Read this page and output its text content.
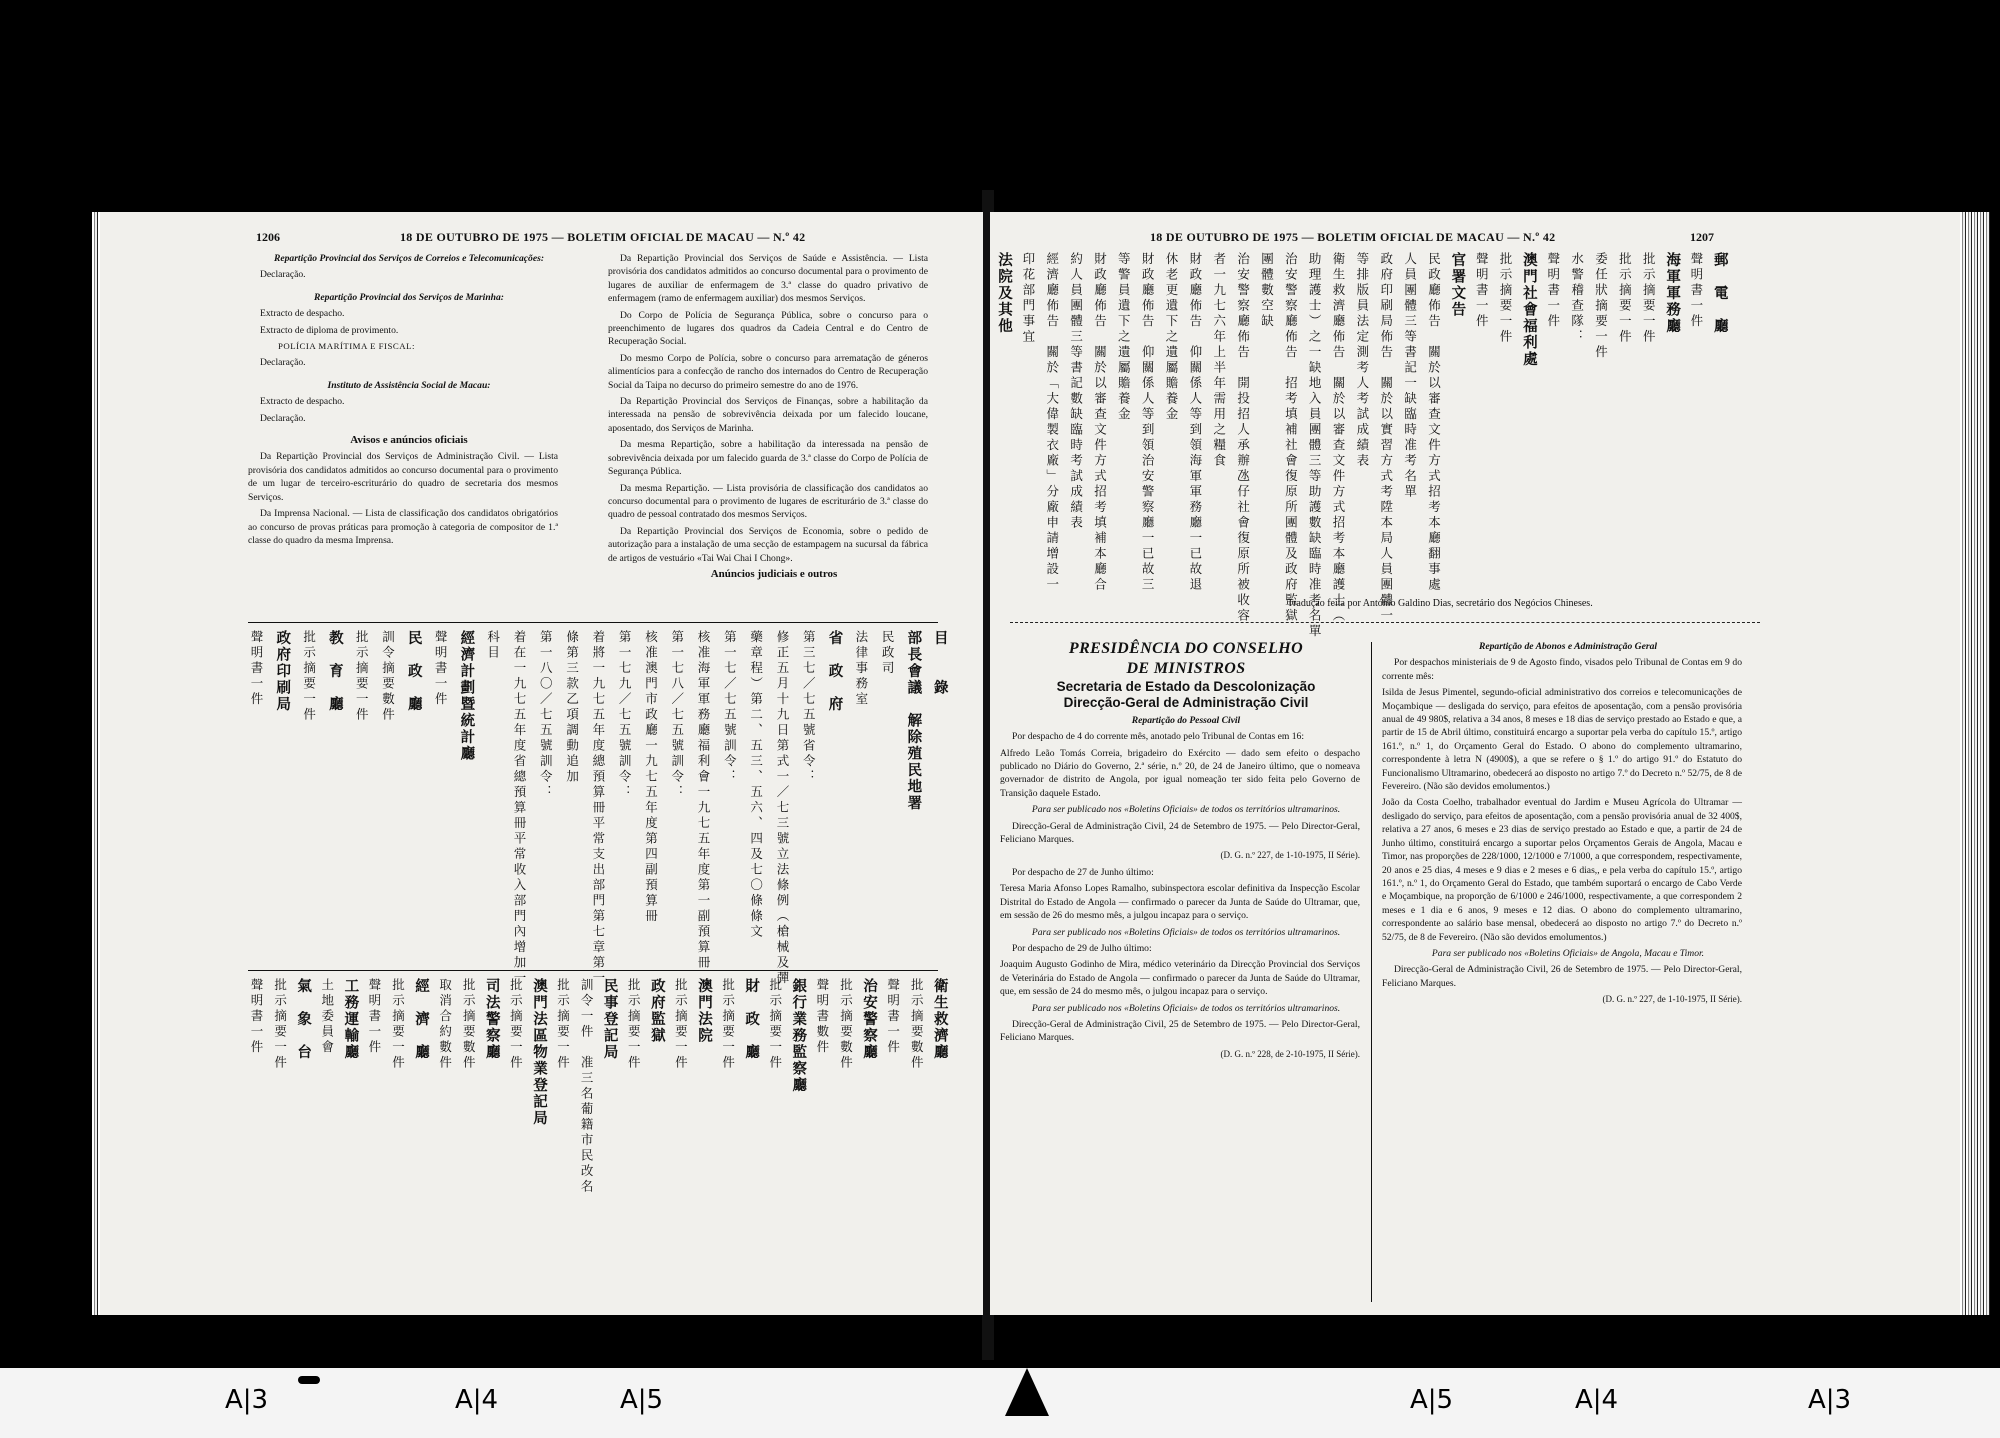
1206	18 DE OUTUBRO DE 1975 — BOLETIM OFICIAL DE MACAU — N.º 42

Repartição Provincial dos Serviços de Correios e Telecomunicações:

Declaração.

Repartição Provincial dos Serviços de Marinha:

Extracto de despacho.

Extracto de diploma de provimento.

POLÍCIA MARÍTIMA E FISCAL:

Declaração.

Instituto de Assistência Social de Macau:

Extracto de despacho.

Declaração.

Avisos e anúncios oficiais

Da Repartição Provincial dos Serviços de Administração Civil. — Lista provisória dos candidatos admitidos ao concurso documental para o provimento de um lugar de terceiro-escriturário do quadro de secretaria dos mesmos Serviços.

Da Imprensa Nacional. — Lista de classificação dos candidatos obrigatórios ao concurso de provas práticas para promoção à categoria de compositor de 1.ª classe do quadro da mesma Imprensa.

Da Repartição Provincial dos Serviços de Saúde e Assistência. — Lista provisória dos candidatos admitidos ao concurso documental para o provimento de lugares de auxiliar de enfermagem de 3.ª classe do quadro privativo de enfermagem (ramo de enfermagem auxiliar) dos mesmos Serviços.

Do Corpo de Polícia de Segurança Pública, sobre o concurso para o preenchimento de lugares dos quadros da Cadeia Central e do Centro de Recuperação Social.

Do mesmo Corpo de Polícia, sobre o concurso para arrematação de géneros alimentícios para a confecção de rancho dos internados do Centro de Recuperação Social da Taipa no decurso do primeiro semestre do ano de 1976.

Da Repartição Provincial dos Serviços de Finanças, sobre a habilitação da interessada na pensão de sobrevivência deixada por um falecido loucane, aposentado, dos Serviços de Marinha.

Da mesma Repartição, sobre a habilitação da interessada na pensão de sobrevivência deixada por um falecido guarda de 3.ª classe do Corpo de Polícia de Segurança Pública.

Da mesma Repartição. — Lista provisória de classificação dos candidatos ao concurso documental para o provimento de lugares de escriturário de 3.ª classe do quadro de pessoal contratado dos mesmos Serviços.

Da Repartição Provincial dos Serviços de Economia, sobre o pedido de autorização para a instalação de uma secção de estampagem na sucursal da fábrica de artigos de vestuário «Tai Wai Chai I Chong».

Anúncios judiciais e outros

目　　錄
部長會議　解除殖民地署
民政司
法律事務室
省　政　府
第三七／七五號省令：
修正五月十九日第式一／七三號立法條例（槍械及彈
藥章程）第二、五三、五六、四及七〇條條文
第一七／七五號訓令：
核准海軍軍務廳福利會一九七五年度第一副預算冊
第一七八／七五號訓令：
核准澳門市政廳一九七五年度第四副預算冊
第一七九／七五號訓令：
着將一九七五年度總預算冊平常支出部門第七章第一
條第三款乙項調動追加
第一八〇／七五號訓令：
着在一九七五年度省總預算冊平常收入部門內增加一
科目
經濟計劃暨統計廳
聲明書一件
民　政　廳
訓令摘要數件
批示摘要一件
教　育　廳
批示摘要一件
政府印刷局
聲明書一件
衛生救濟廳
批示摘要數件
聲明書一件
治安警察廳
批示摘要數件
聲明書數件
銀行業務監察廳
批示摘要一件
財　政　廳
批示摘要一件
澳門法院
批示摘要一件
政府監獄
批示摘要一件
民事登記局
訓令一件　准三名葡籍市民改名
批示摘要一件
澳門法區物業登記局
批示摘要一件
司法警察廳
批示摘要數件
取消合約數件
經　濟　廳
批示摘要一件
聲明書一件
工務運輸廳
土地委員會
氣　象　台
批示摘要一件
聲明書一件
18 DE OUTUBRO DE 1975 — BOLETIM OFICIAL DE MACAU — N.º 42	1207
郵　電　廳
聲明書一件
海軍軍務廳
批示摘要一件
批示摘要一件
委任狀摘要一件
水警稽查隊：
聲明書一件
澳門社會福利處
批示摘要一件
聲明書一件
官署文告
民政廳佈告　關於以審查文件方式招考本廳翻事處
人員團體三等書記一缺臨時准考名單
政府印刷局佈告　關於以實習方式考陞本局人員團體一
等排版員法定測考人考試成績表
衛生救濟廳佈告　關於以審查文件方式招考本廳護士（
助理護士）之一缺地入員團體三等助護數缺臨時准考名單
治安警察廳佈告　招考填補社會復原所團體及政府監獄
團體數空缺
治安警察廳佈告　開投招人承辦氹仔社會復原所被收容
者一九七六年上半年需用之糧食
財政廳佈告　仰關係人等到領海軍軍務廳一已故退
休老更遺下之遺屬贍養金
財政廳佈告　仰關係人等到領治安警察廳一已故三
等警員遺下之遺屬贍養金
財政廳佈告　關於以審查文件方式招考填補本廳合
約人員團體三等書記數缺臨時考試成績表
經濟廳佈告　關於「大偉製衣廠」分廠申請增設一
印花部門事宜
法院及其他

Tradução feita por António Galdino Dias, secretário dos Negócios Chineses.

PRESIDÊNCIA DO CONSELHO

DE MINISTROS

Secretaria de Estado da Descolonização

Direcção-Geral de Administração Civil

Repartição do Pessoal Civil

Por despacho de 4 do corrente mês, anotado pelo Tribunal de Contas em 16:

Alfredo Leão Tomás Correia, brigadeiro do Exército — dado sem efeito o despacho publicado no Diário do Governo, 2.ª série, n.º 20, de 24 de Janeiro último, que o nomeava governador de distrito de Angola, por igual nomeação ter sido feita pelo Governo de Transição daquele Estado.

Para ser publicado nos «Boletins Oficiais» de todos os territórios ultramarinos.

Direcção-Geral de Administração Civil, 24 de Setembro de 1975. — Pelo Director-Geral, Feliciano Marques.

(D. G. n.º 227, de 1-10-1975, II Série).

Por despacho de 27 de Junho último:

Teresa Maria Afonso Lopes Ramalho, subinspectora escolar definitiva da Inspecção Escolar Distrital do Estado de Angola — confirmado o parecer da Junta de Saúde do Ultramar, que, em sessão de 26 do mesmo mês, a julgou incapaz para o serviço.

Para ser publicado nos «Boletins Oficiais» de todos os territórios ultramarinos.

Por despacho de 29 de Julho último:

Joaquim Augusto Godinho de Mira, médico veterinário da Direcção Provincial dos Serviços de Veterinária do Estado de Angola — confirmado o parecer da Junta de Saúde do Ultramar, que, em sessão de 24 do mesmo mês, o julgou incapaz para o serviço.

Para ser publicado nos «Boletins Oficiais» de todos os territórios ultramarinos.

Direcção-Geral de Administração Civil, 25 de Setembro de 1975. — Pelo Director-Geral, Feliciano Marques.

(D. G. n.º 228, de 2-10-1975, II Série).

Repartição de Abonos e Administração Geral

Por despachos ministeriais de 9 de Agosto findo, visados pelo Tribunal de Contas em 9 do corrente mês:

Isilda de Jesus Pimentel, segundo-oficial administrativo dos correios e telecomunicações de Moçambique — desligada do serviço, para efeitos de aposentação, com a pensão provisória anual de 49 980$, relativa a 34 anos, 8 meses e 18 dias de serviço prestado ao Estado e que, a partir de 15 de Abril último, constituirá encargo a suportar pela verba do capítulo 15.º, artigo 161.º, n.º 1, do Orçamento Geral do Estado. O abono do complemento ultramarino, correspondente à letra N (4900$), a que se refere o § 1.º do artigo 91.º do Estatuto do Funcionalismo Ultramarino, obedecerá ao disposto no artigo 7.º do Decreto n.º 52/75, de 8 de Fevereiro. (Não são devidos emolumentos.)

João da Costa Coelho, trabalhador eventual do Jardim e Museu Agrícola do Ultramar — desligado do serviço, para efeitos de aposentação, com a pensão provisória anual de 32 400$, relativa a 27 anos, 6 meses e 23 dias de serviço prestado ao Estado e que, a partir de 24 de Junho último, constituirá encargo a suportar pelos Orçamentos Gerais de Angola, Macau e Timor, nas proporções de 228/1000, 12/1000 e 7/1000, a que correspondem, respectivamente, 20 anos e 25 dias, 4 meses e 9 dias e 2 meses e 6 dias,, e pela verba do capítulo 15.º, artigo 161.º, n.º 1, do Orçamento Geral do Estado, que também suportará o encargo de Cabo Verde e Moçambique, na proporção de 6/1000 e 246/1000, respectivamente, a que correspondem 2 meses e 1 dia e 6 anos, 9 meses e 12 dias. O abono do complemento ultramarino, correspondente ao salário base mensal, obedecerá ao disposto no artigo 7.º do Decreto n.º 52/75, de 8 de Fevereiro. (Não são devidos emolumentos.)

Para ser publicado nos «Boletins Oficiais» de Angola, Macau e Timor.

Direcção-Geral de Administração Civil, 26 de Setembro de 1975. — Pelo Director-Geral, Feliciano Marques.

(D. G. n.º 227, de 1-10-1975, II Série).

A|3	A|4	A|5	A|5	A|4	A|3
